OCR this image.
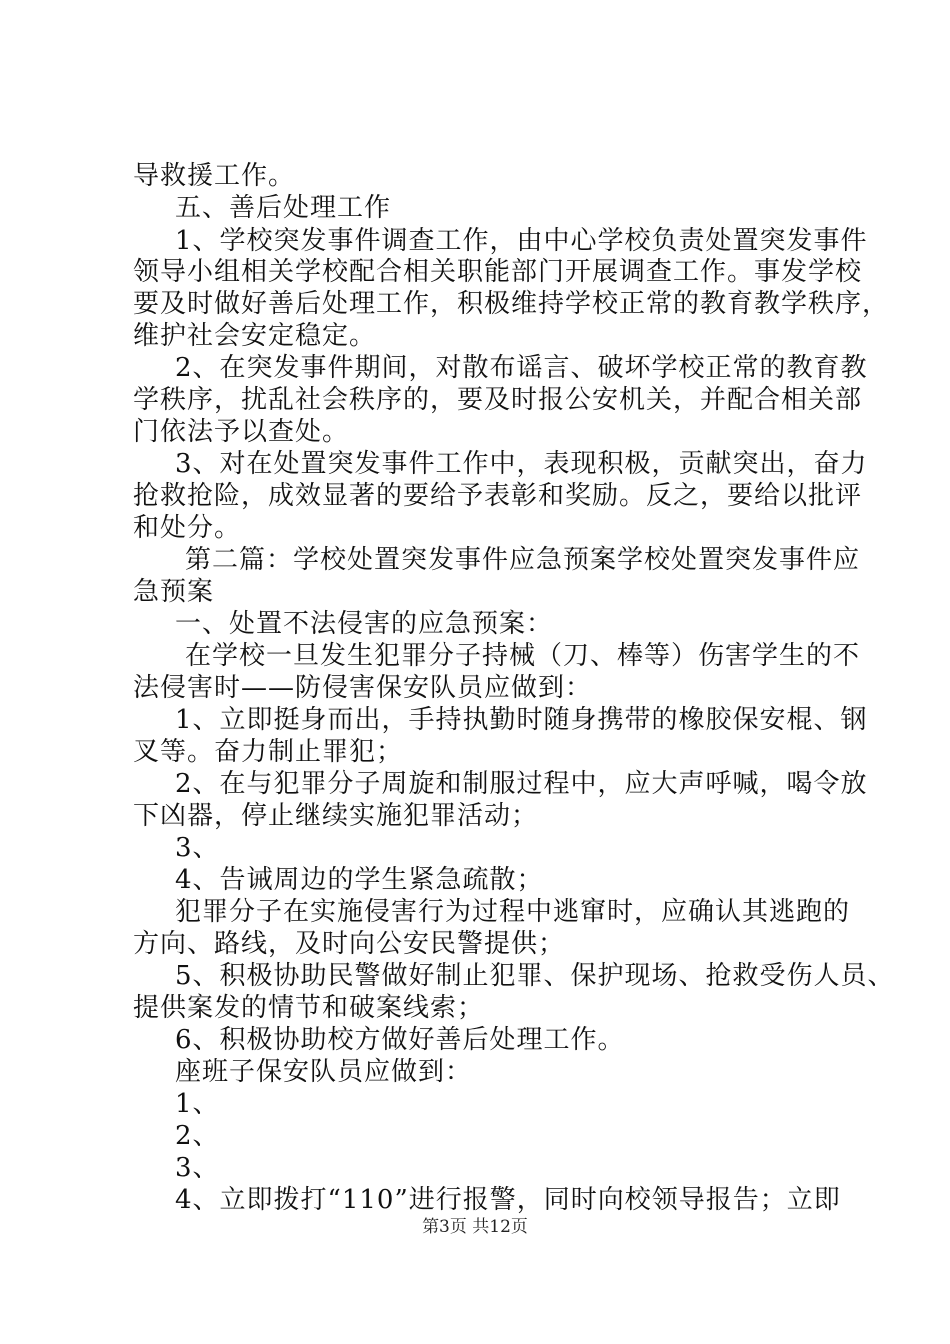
导救援工作。
五、善后处理工作
1、学校突发事件调查工作，由中心学校负责处置突发事件
领导小组相关学校配合相关职能部门开展调查工作。事发学校
要及时做好善后处理工作，积极维持学校正常的教育教学秩序，
维护社会安定稳定。
2、在突发事件期间，对散布谣言、破坏学校正常的教育教
学秩序，扰乱社会秩序的，要及时报公安机关，并配合相关部
门依法予以查处。
3、对在处置突发事件工作中，表现积极，贡献突出，奋力
抢救抢险，成效显著的要给予表彰和奖励。反之，要给以批评
和处分。
第二篇：学校处置突发事件应急预案学校处置突发事件应
急预案
一、处置不法侵害的应急预案：
在学校一旦发生犯罪分子持械（刀、棒等）伤害学生的不
法侵害时——防侵害保安队员应做到：
1、立即挺身而出，手持执勤时随身携带的橡胶保安棍、钢
叉等。奋力制止罪犯；
2、在与犯罪分子周旋和制服过程中，应大声呼喊，喝令放
下凶器，停止继续实施犯罪活动；
3、
4、告诫周边的学生紧急疏散；
犯罪分子在实施侵害行为过程中逃窜时，应确认其逃跑的
方向、路线，及时向公安民警提供；
5、积极协助民警做好制止犯罪、保护现场、抢救受伤人员、
提供案发的情节和破案线索；
6、积极协助校方做好善后处理工作。
座班子保安队员应做到：
1、
2、
3、
4、立即拨打“110”进行报警，同时向校领导报告；立即
第3页 共12页
